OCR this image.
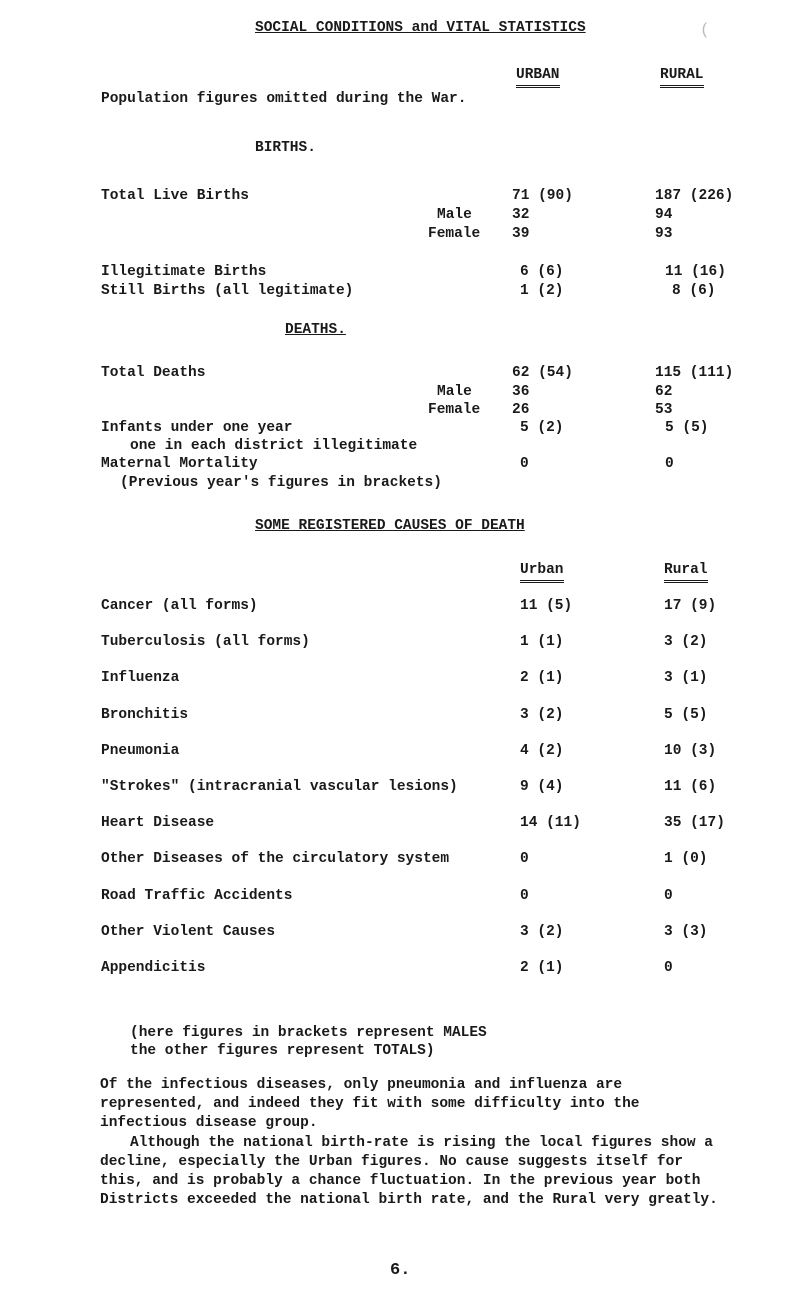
SOCIAL CONDITIONS and VITAL STATISTICS	(
URBAN	RURAL
Population figures omitted during the War.
BIRTHS.
Total Live Births	71 (90)	187 (226)
Male	32	94
Female 39	93
Illegitimate Births	6 (6)	11 (16)
Still Births (all legitimate)	1 (2)	8 (6)
DEATHS.
Total Deaths	62 (54)	115 (111)
Male	36	62
Female 26	53
Infants under one year	5 (2)	5 (5)
one in each district illegitimate
Maternal Mortality	0	0
(Previous year's figures in brackets)
SOME REGISTERED CAUSES OF DEATH
Urban	Rural
Cancer (all forms)	11 (5)	17 (9)
Tuberculosis (all forms)	1 (1)	3 (2)
Influenza	2 (1)	3 (1)
Bronchitis	3 (2)	5 (5)
Pneumonia	4 (2)	10 (3)
"Strokes" (intracranial vascular lesions)	9 (4)	11 (6)
Heart Disease	14 (11)	35 (17)
Other Diseases of the circulatory system	0	1 (0)
Road Traffic Accidents	0	0
Other Violent Causes	3 (2)	3 (3)
Appendicitis	2 (1)	0
(here figures in brackets represent MALES
the other figures represent TOTALS)
Of the infectious diseases, only pneumonia and influenza are represented, and indeed they fit with some difficulty into the infectious disease group.
Although the national birth-rate is rising the local figures show a decline, especially the Urban figures. No cause suggests itself for this, and is probably a chance fluctuation. In the previous year both Districts exceeded the national birth rate, and the Rural very greatly.
6.
